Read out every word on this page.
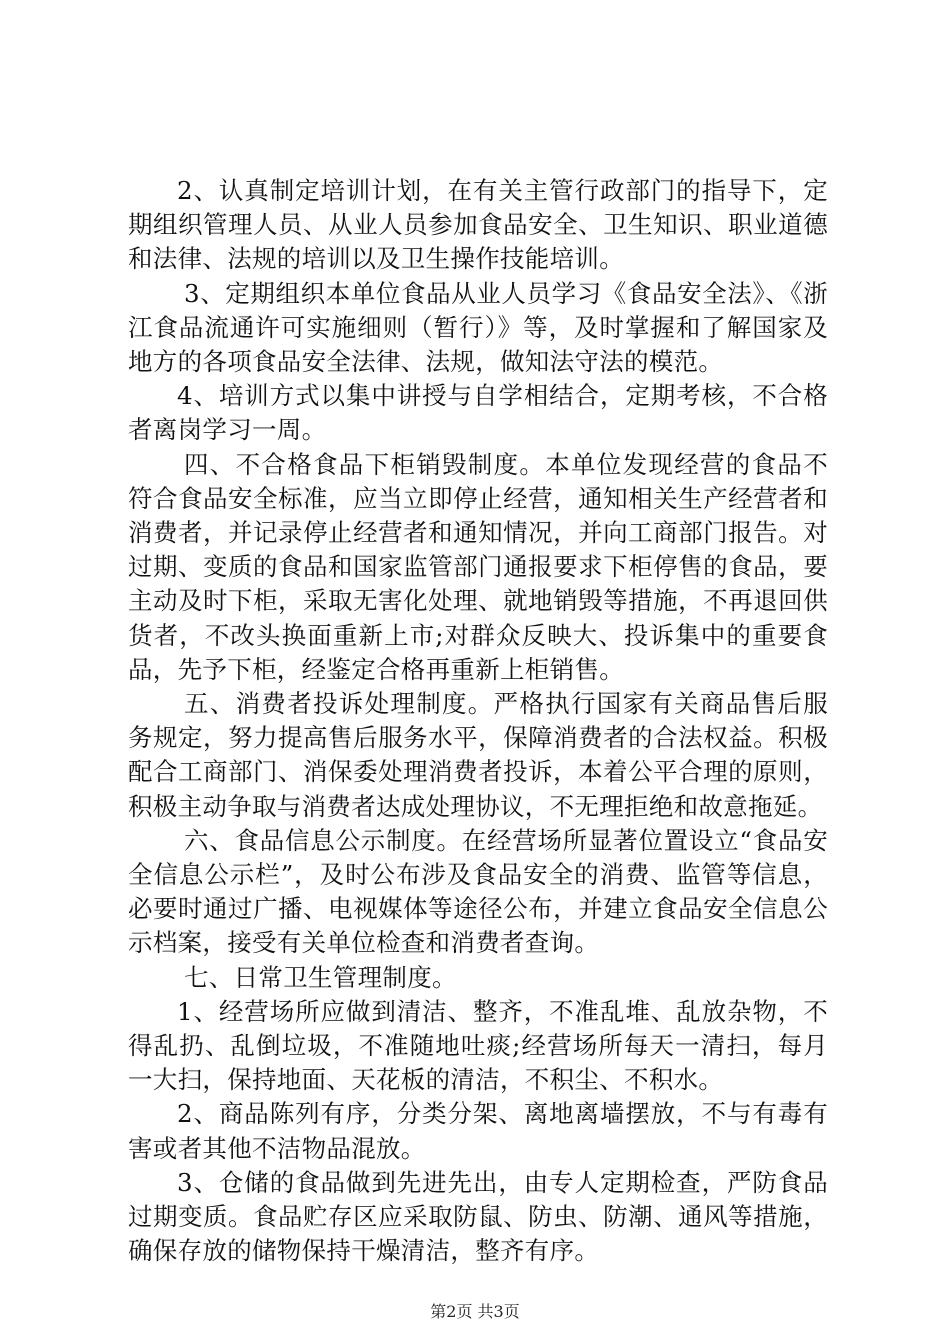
2、认真制定培训计划，在有关主管行政部门的指导下，定期组织管理人员、从业人员参加食品安全、卫生知识、职业道德和法律、法规的培训以及卫生操作技能培训。

3、定期组织本单位食品从业人员学习《食品安全法》、《浙江食品流通许可实施细则（暂行）》等，及时掌握和了解国家及地方的各项食品安全法律、法规，做知法守法的模范。

4、培训方式以集中讲授与自学相结合，定期考核，不合格者离岗学习一周。

四、不合格食品下柜销毁制度。本单位发现经营的食品不符合食品安全标准，应当立即停止经营，通知相关生产经营者和消费者，并记录停止经营者和通知情况，并向工商部门报告。对过期、变质的食品和国家监管部门通报要求下柜停售的食品，要主动及时下柜，采取无害化处理、就地销毁等措施，不再退回供货者，不改头换面重新上市;对群众反映大、投诉集中的重要食品，先予下柜，经鉴定合格再重新上柜销售。

五、消费者投诉处理制度。严格执行国家有关商品售后服务规定，努力提高售后服务水平，保障消费者的合法权益。积极配合工商部门、消保委处理消费者投诉，本着公平合理的原则，积极主动争取与消费者达成处理协议，不无理拒绝和故意拖延。

六、食品信息公示制度。在经营场所显著位置设立“食品安全信息公示栏”，及时公布涉及食品安全的消费、监管等信息，必要时通过广播、电视媒体等途径公布，并建立食品安全信息公示档案，接受有关单位检查和消费者查询。

七、日常卫生管理制度。

1、经营场所应做到清洁、整齐，不准乱堆、乱放杂物，不得乱扔、乱倒垃圾，不准随地吐痰;经营场所每天一清扫，每月一大扫，保持地面、天花板的清洁，不积尘、不积水。

2、商品陈列有序，分类分架、离地离墙摆放，不与有毒有害或者其他不洁物品混放。

3、仓储的食品做到先进先出，由专人定期检查，严防食品过期变质。食品贮存区应采取防鼠、防虫、防潮、通风等措施，确保存放的储物保持干燥清洁，整齐有序。

第2页 共3页
